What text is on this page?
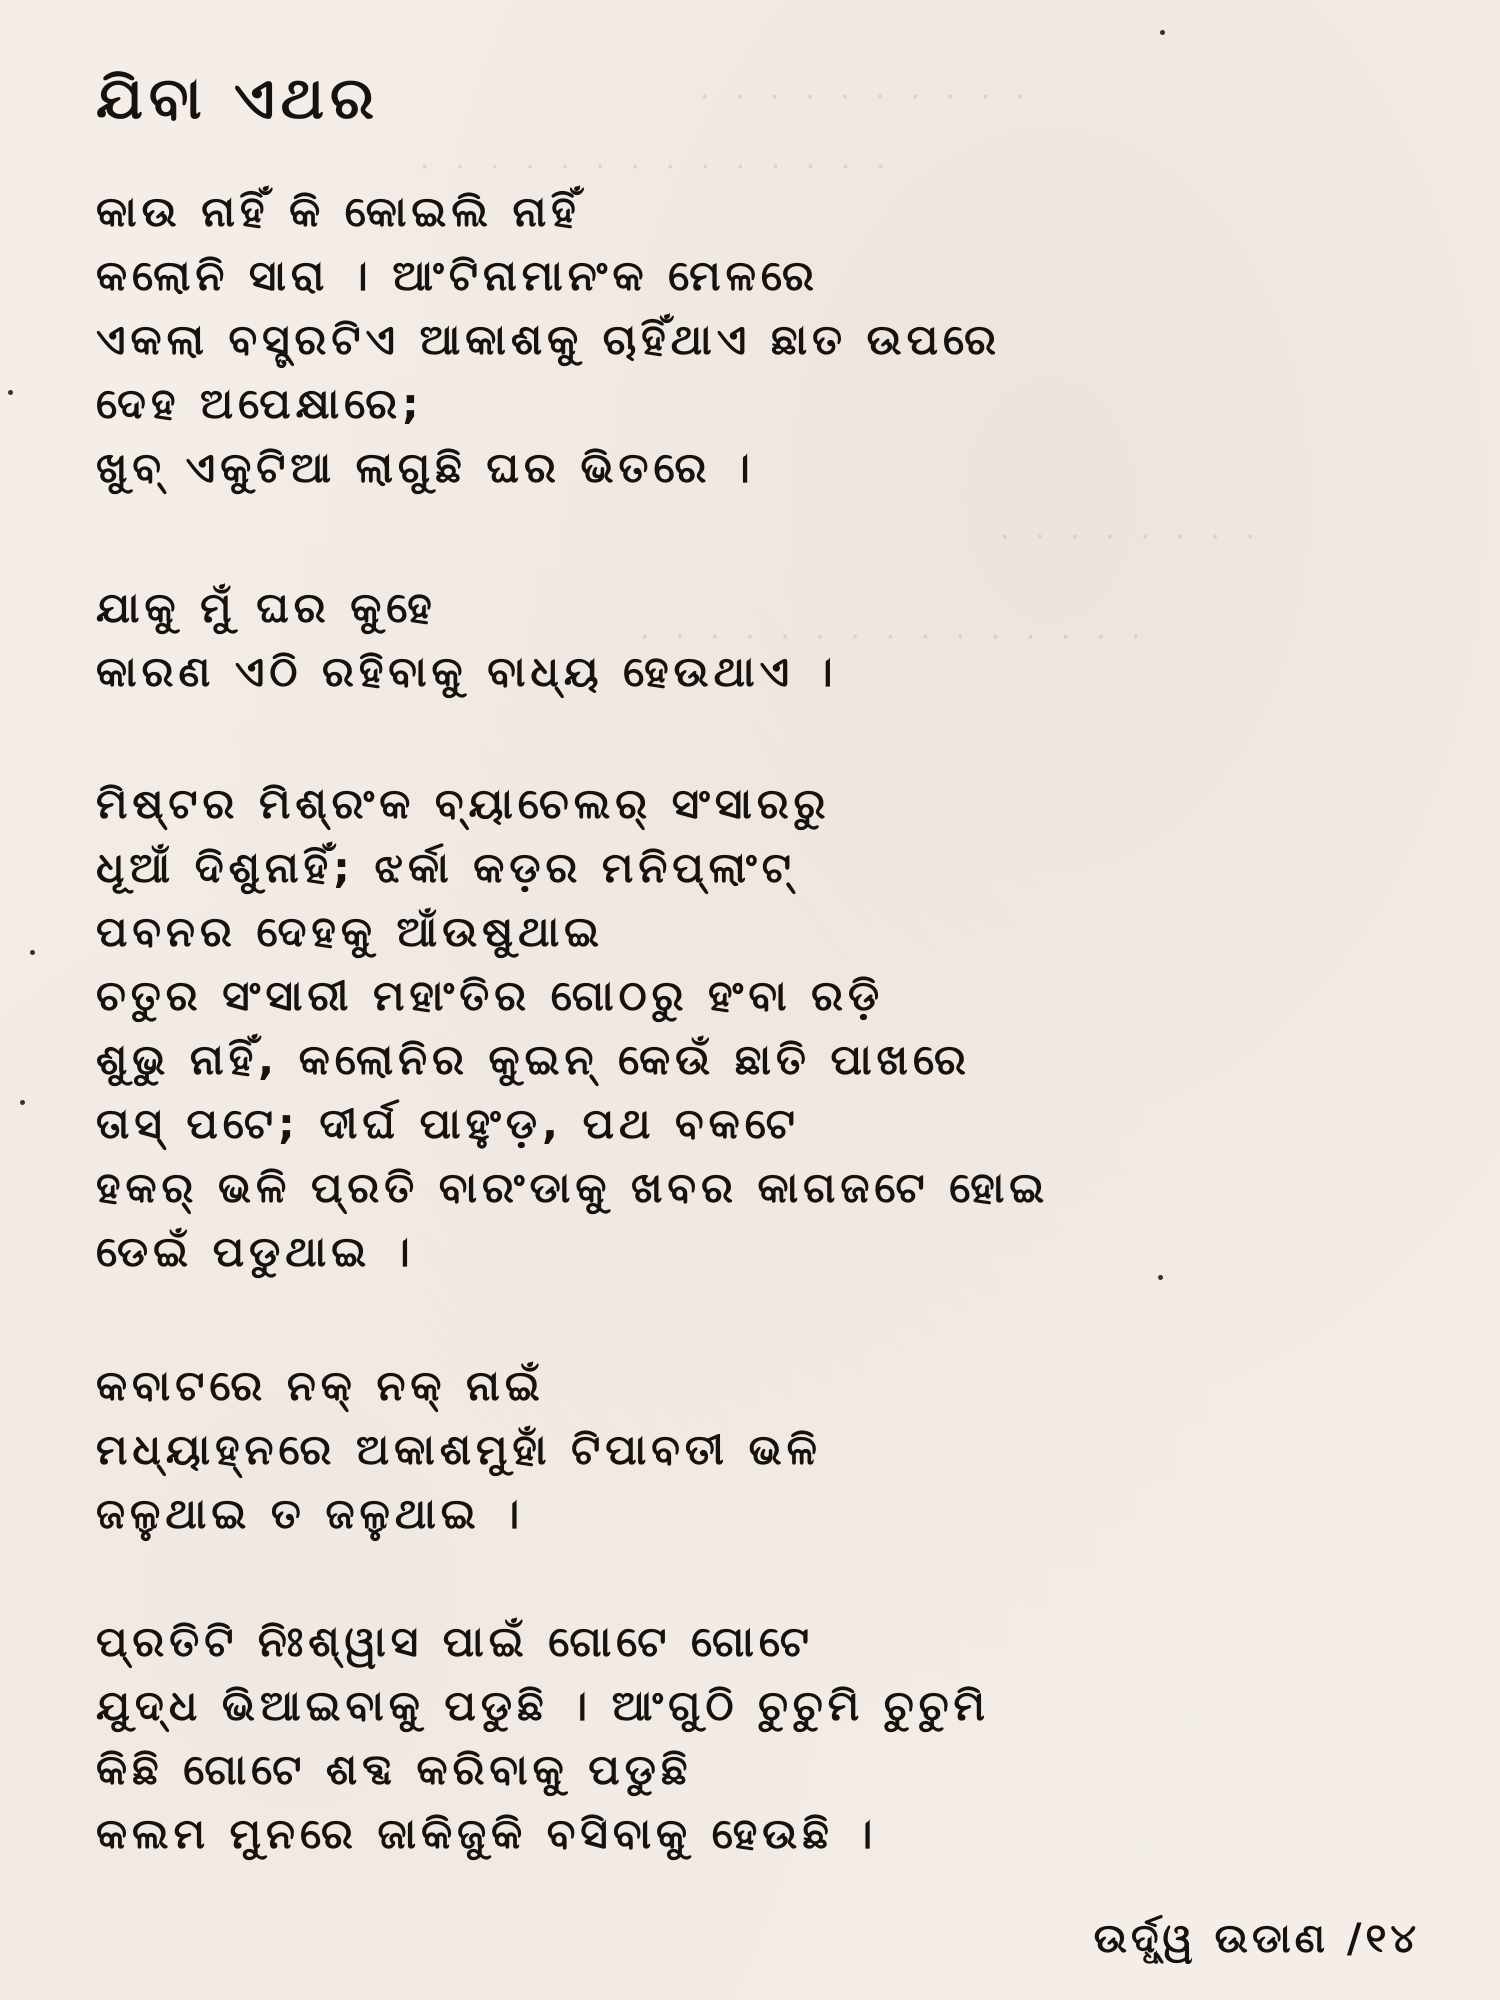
· · · · · · · · · ·
· · · · · · · · · · · · · ·
· · · · · · · ·
· · · · · · · · · · · · · · ·
ଯିବା ଏଥର
କାଉ ନାହିଁ କି କୋଇଲି ନାହିଁ
କଲୋନି ସାରା । ଆଂଟିନାମାନଂକ ମେଳରେ
ଏକଲା ବସ୍ତ୍ରଟିଏ ଆକାଶକୁ ଚାହିଁଥାଏ ଛାତ ଉପରେ
ଦେହ ଅପେକ୍ଷାରେ;
ଖୁବ୍ ଏକୁଟିଆ ଲାଗୁଛି ଘର ଭିତରେ ।
ଯାକୁ ମୁଁ ଘର କୁହେ
କାରଣ ଏଠି ରହିବାକୁ ବାଧ୍ୟ ହେଉଥାଏ ।
ମିଷ୍ଟର ମିଶ୍ରଂକ ବ୍ୟାଚେଲର୍ ସଂସାରରୁ
ଧୂଆଁ ଦିଶୁନାହିଁ; ଝର୍କା କଡ଼ର ମନିପ୍ଲାଂଟ୍
ପବନର ଦେହକୁ ଆଁଉଷୁଥାଇ
ଚତୁର ସଂସାରୀ ମହାଂତିର ଗୋଠରୁ ହଂବା ରଡ଼ି
ଶୁଭୁ ନାହିଁ, କଲୋନିର କୁଇନ୍ କେଉଁ ଛାତି ପାଖରେ
ତାସ୍ ପଟେ; ଦୀର୍ଘ ପାହୁଂଡ଼, ପଥ ବକଟେ
ହକର୍ ଭଳି ପ୍ରତି ବାରଂଡାକୁ ଖବର କାଗଜଟେ ହୋଇ
ଡେଇଁ ପଡୁଥାଇ ।
କବାଟରେ ନକ୍ ନକ୍ ନାଇଁ
ମଧ୍ୟାହ୍ନରେ ଅକାଶମୁହାଁ ଟିପାବତୀ ଭଳି
ଜଳୁଥାଇ ତ ଜଳୁଥାଇ ।
ପ୍ରତିଟି ନିଃଶ୍ୱାସ ପାଇଁ ଗୋଟେ ଗୋଟେ
ଯୁଦ୍ଧ ଭିଆଇବାକୁ ପଡୁଛି । ଆଂଗୁଠି ଚୁଚୁମି ଚୁଚୁମି
କିଛି ଗୋଟେ ଶବ୍ଦ କରିବାକୁ ପଡୁଛି
କଲମ ମୁନରେ ଜାକିଜୁକି ବସିବାକୁ ହେଉଛି ।
ଉର୍ଦ୍ଧ୍ୱ ଉଡାଣ /୧୪
